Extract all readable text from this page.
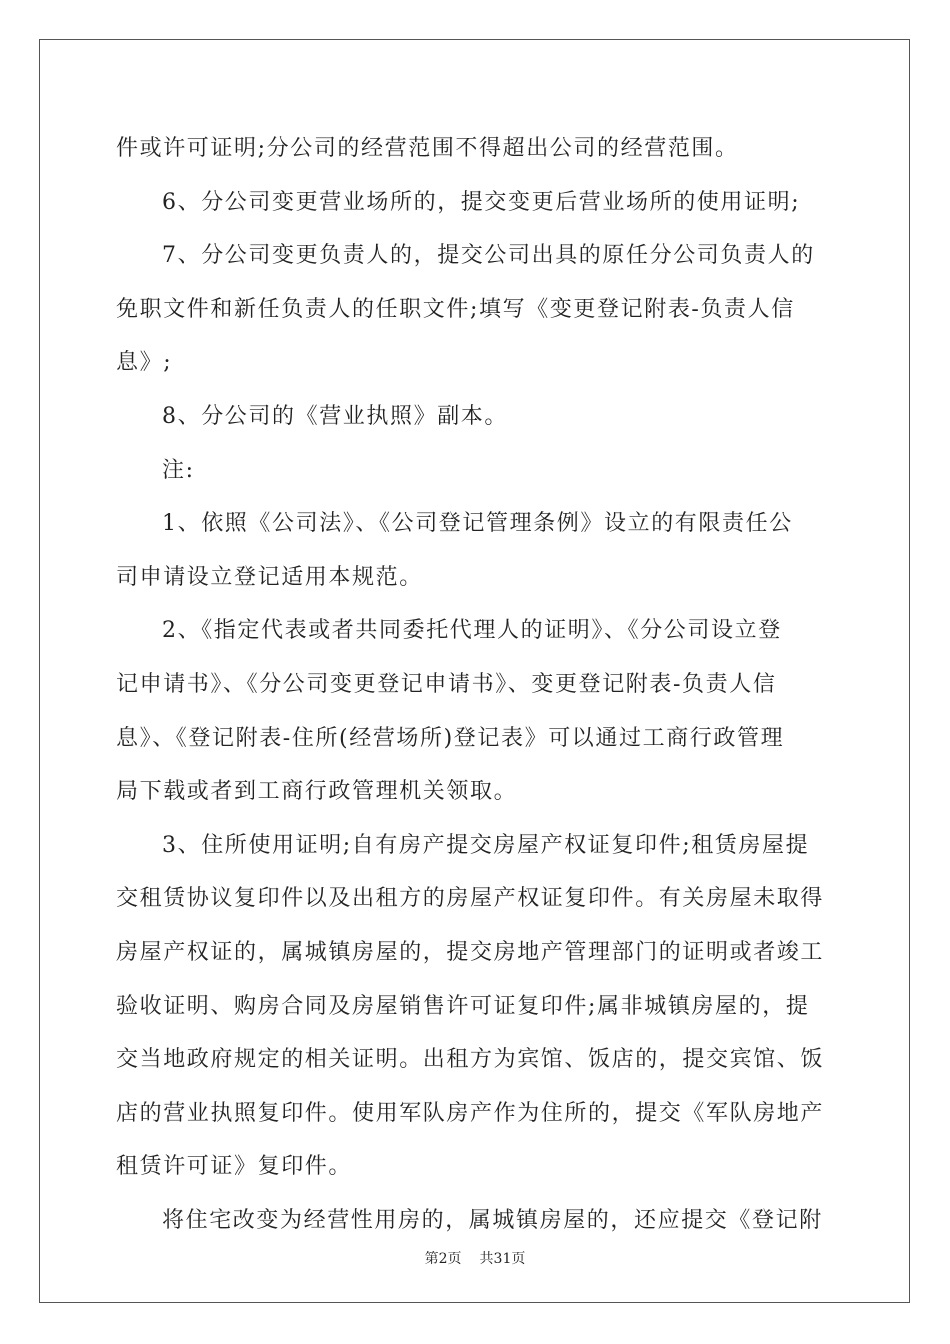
件或许可证明;分公司的经营范围不得超出公司的经营范围。
6、分公司变更营业场所的，提交变更后营业场所的使用证明;
7、分公司变更负责人的，提交公司出具的原任分公司负责人的
免职文件和新任负责人的任职文件;填写《变更登记附表-负责人信
息》;
8、分公司的《营业执照》副本。
注:
1、依照《公司法》、《公司登记管理条例》设立的有限责任公
司申请设立登记适用本规范。
2、《指定代表或者共同委托代理人的证明》、《分公司设立登
记申请书》、《分公司变更登记申请书》、变更登记附表-负责人信
息》、《登记附表-住所(经营场所)登记表》可以通过工商行政管理
局下载或者到工商行政管理机关领取。
3、住所使用证明;自有房产提交房屋产权证复印件;租赁房屋提
交租赁协议复印件以及出租方的房屋产权证复印件。有关房屋未取得
房屋产权证的，属城镇房屋的，提交房地产管理部门的证明或者竣工
验收证明、购房合同及房屋销售许可证复印件;属非城镇房屋的，提
交当地政府规定的相关证明。出租方为宾馆、饭店的，提交宾馆、饭
店的营业执照复印件。使用军队房产作为住所的，提交《军队房地产
租赁许可证》复印件。
将住宅改变为经营性用房的，属城镇房屋的，还应提交《登记附
第2页 共31页
